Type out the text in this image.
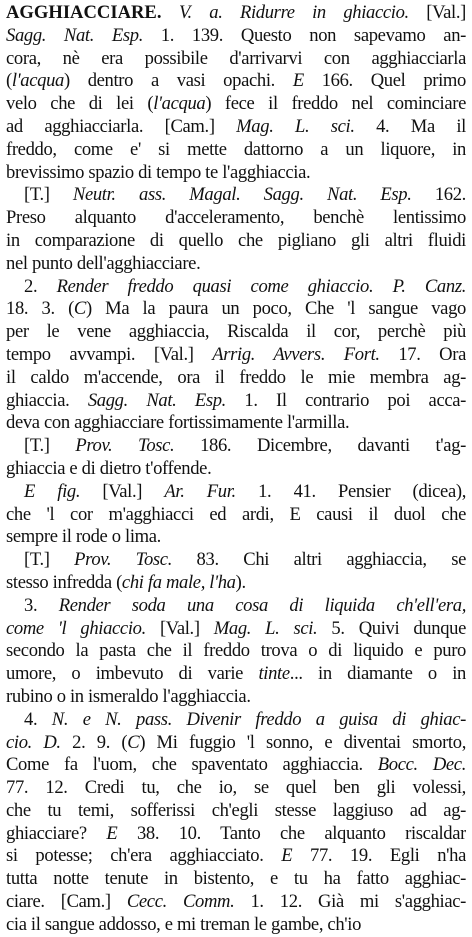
AGGHIACCIARE. V. a. Ridurre in ghiaccio. [Val.]
Sagg. Nat. Esp. 1. 139. Questo non sapevamo an-
cora, nè era possibile d'arrivarvi con agghiacciarla
(l'acqua) dentro a vasi opachi. E 166. Quel primo
velo che di lei (l'acqua) fece il freddo nel cominciare
ad agghiacciarla. [Cam.] Mag. L. sci. 4. Ma il
freddo, come e' si mette dattorno a un liquore, in
brevissimo spazio di tempo te l'agghiaccia.
[T.] Neutr. ass. Magal. Sagg. Nat. Esp. 162.
Preso alquanto d'acceleramento, benchè lentissimo
in comparazione di quello che pigliano gli altri fluidi
nel punto dell'agghiacciare.
2. Render freddo quasi come ghiaccio. P. Canz.
18. 3. (C) Ma la paura un poco, Che 'l sangue vago
per le vene agghiaccia, Riscalda il cor, perchè più
tempo avvampi. [Val.] Arrig. Avvers. Fort. 17. Ora
il caldo m'accende, ora il freddo le mie membra ag-
ghiaccia. Sagg. Nat. Esp. 1. Il contrario poi acca-
deva con agghiacciare fortissimamente l'armilla.
[T.] Prov. Tosc. 186. Dicembre, davanti t'ag-
ghiaccia e di dietro t'offende.
E fig. [Val.] Ar. Fur. 1. 41. Pensier (dicea),
che 'l cor m'agghiacci ed ardi, E causi il duol che
sempre il rode o lima.
[T.] Prov. Tosc. 83. Chi altri agghiaccia, se
stesso infredda (chi fa male, l'ha).
3. Render soda una cosa di liquida ch'ell'era,
come 'l ghiaccio. [Val.] Mag. L. sci. 5. Quivi dunque
secondo la pasta che il freddo trova o di liquido e puro
umore, o imbevuto di varie tinte... in diamante o in
rubino o in ismeraldo l'agghiaccia.
4. N. e N. pass. Divenir freddo a guisa di ghiac-
cio. D. 2. 9. (C) Mi fuggio 'l sonno, e diventai smorto,
Come fa l'uom, che spaventato agghiaccia. Bocc. Dec.
77. 12. Credi tu, che io, se quel ben gli volessi,
che tu temi, sofferissi ch'egli stesse laggiuso ad ag-
ghiacciare? E 38. 10. Tanto che alquanto riscaldar
si potesse; ch'era agghiacciato. E 77. 19. Egli n'ha
tutta notte tenute in bistento, e tu ha fatto agghiac-
ciare. [Cam.] Cecc. Comm. 1. 12. Già mi s'agghiac-
cia il sangue addosso, e mi treman le gambe, ch'io
